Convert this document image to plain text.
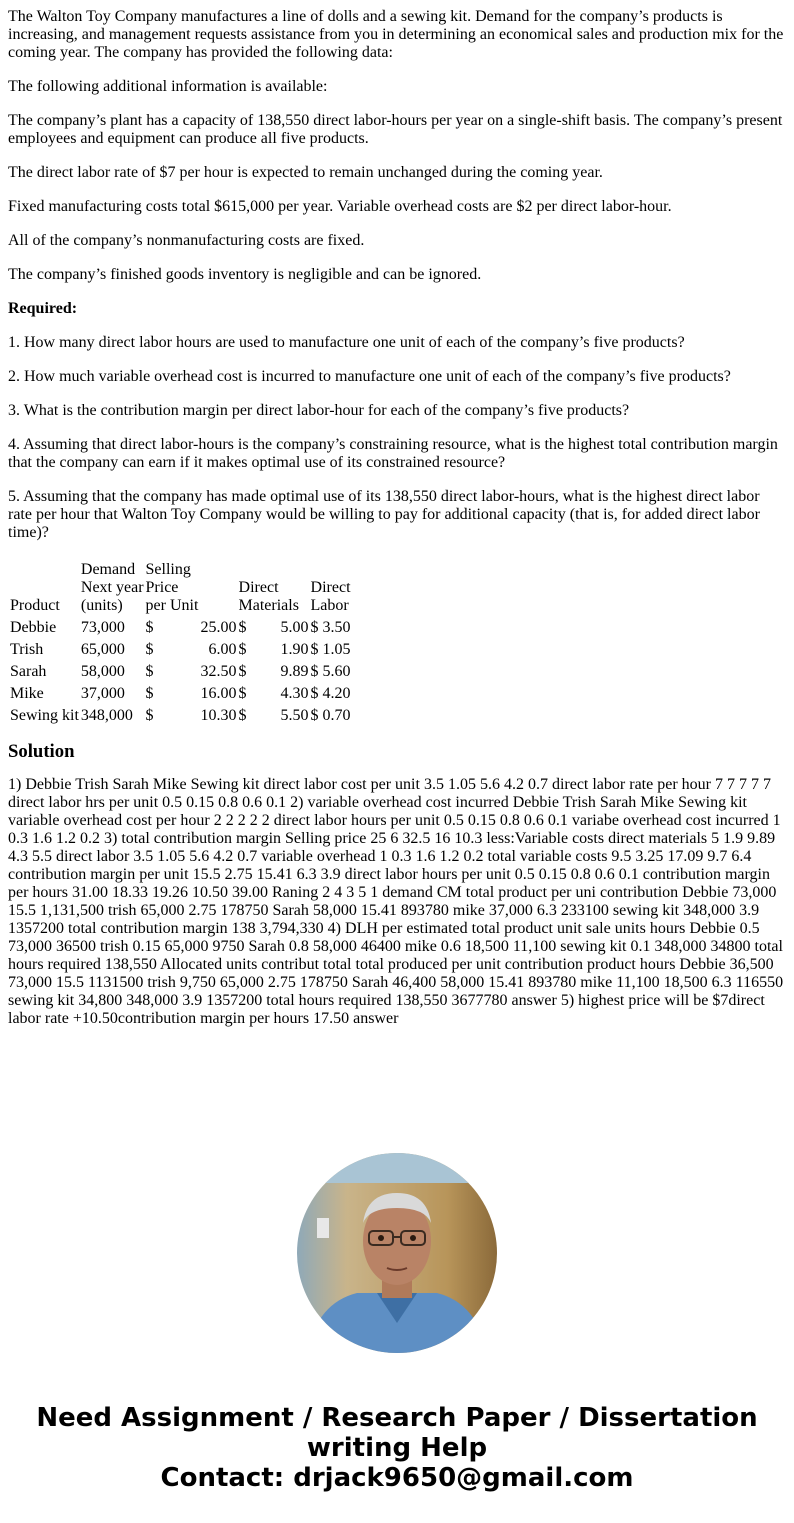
The Walton Toy Company manufactures a line of dolls and a sewing kit. Demand for the company’s products is increasing, and management requests assistance from you in determining an economical sales and production mix for the coming year. The company has provided the following data:

The following additional information is available:

The company’s plant has a capacity of 138,550 direct labor-hours per year on a single-shift basis. The company’s present employees and equipment can produce all five products.

The direct labor rate of $7 per hour is expected to remain unchanged during the coming year.

Fixed manufacturing costs total $615,000 per year. Variable overhead costs are $2 per direct labor-hour.

All of the company’s nonmanufacturing costs are fixed.

The company’s finished goods inventory is negligible and can be ignored.

Required:

1. How many direct labor hours are used to manufacture one unit of each of the company’s five products?

2. How much variable overhead cost is incurred to manufacture one unit of each of the company’s five products?

3. What is the contribution margin per direct labor-hour for each of the company’s five products?

4. Assuming that direct labor-hours is the company’s constraining resource, what is the highest total contribution margin that the company can earn if it makes optimal use of its constrained resource?

5. Assuming that the company has made optimal use of its 138,550 direct labor-hours, what is the highest direct labor rate per hour that Walton Toy Company would be willing to pay for additional capacity (that is, for added direct labor time)?

Product	Demand
Next year
(units)	Selling
Price
per Unit		Direct
Materials		Direct
Labor	
Debbie	73,000	$	25.00	$	5.00	$	3.50
Trish	65,000	$	6.00	$	1.90	$	1.05
Sarah	58,000	$	32.50	$	9.89	$	5.60
Mike	37,000	$	16.00	$	4.30	$	4.20
Sewing kit	348,000	$	10.30	$	5.50	$	0.70
Solution

1) Debbie Trish Sarah Mike Sewing kit direct labor cost per unit 3.5 1.05 5.6 4.2 0.7 direct labor rate per hour 7 7 7 7 7 direct labor hrs per unit 0.5 0.15 0.8 0.6 0.1 2) variable overhead cost incurred Debbie Trish Sarah Mike Sewing kit variable overhead cost per hour 2 2 2 2 2 direct labor hours per unit 0.5 0.15 0.8 0.6 0.1 variabe overhead cost incurred 1 0.3 1.6 1.2 0.2 3) total contribution margin Selling price 25 6 32.5 16 10.3 less:Variable costs direct materials 5 1.9 9.89 4.3 5.5 direct labor 3.5 1.05 5.6 4.2 0.7 variable overhead 1 0.3 1.6 1.2 0.2 total variable costs 9.5 3.25 17.09 9.7 6.4 contribution margin per unit 15.5 2.75 15.41 6.3 3.9 direct labor hours per unit 0.5 0.15 0.8 0.6 0.1 contribution margin per hours 31.00 18.33 19.26 10.50 39.00 Raning 2 4 3 5 1 demand CM total product per uni contribution Debbie 73,000 15.5 1,131,500 trish 65,000 2.75 178750 Sarah 58,000 15.41 893780 mike 37,000 6.3 233100 sewing kit 348,000 3.9 1357200 total contribution margin 138 3,794,330 4) DLH per estimated total product unit sale units hours Debbie 0.5 73,000 36500 trish 0.15 65,000 9750 Sarah 0.8 58,000 46400 mike 0.6 18,500 11,100 sewing kit 0.1 348,000 34800 total hours required 138,550 Allocated units contribut total total produced per unit contribution product hours Debbie 36,500 73,000 15.5 1131500 trish 9,750 65,000 2.75 178750 Sarah 46,400 58,000 15.41 893780 mike 11,100 18,500 6.3 116550 sewing kit 34,800 348,000 3.9 1357200 total hours required 138,550 3677780 answer 5) highest price will be $7direct labor rate +10.50contribution margin per hours 17.50 answer

Need Assignment / Research Paper / Dissertation
writing Help
Contact: drjack9650@gmail.com
